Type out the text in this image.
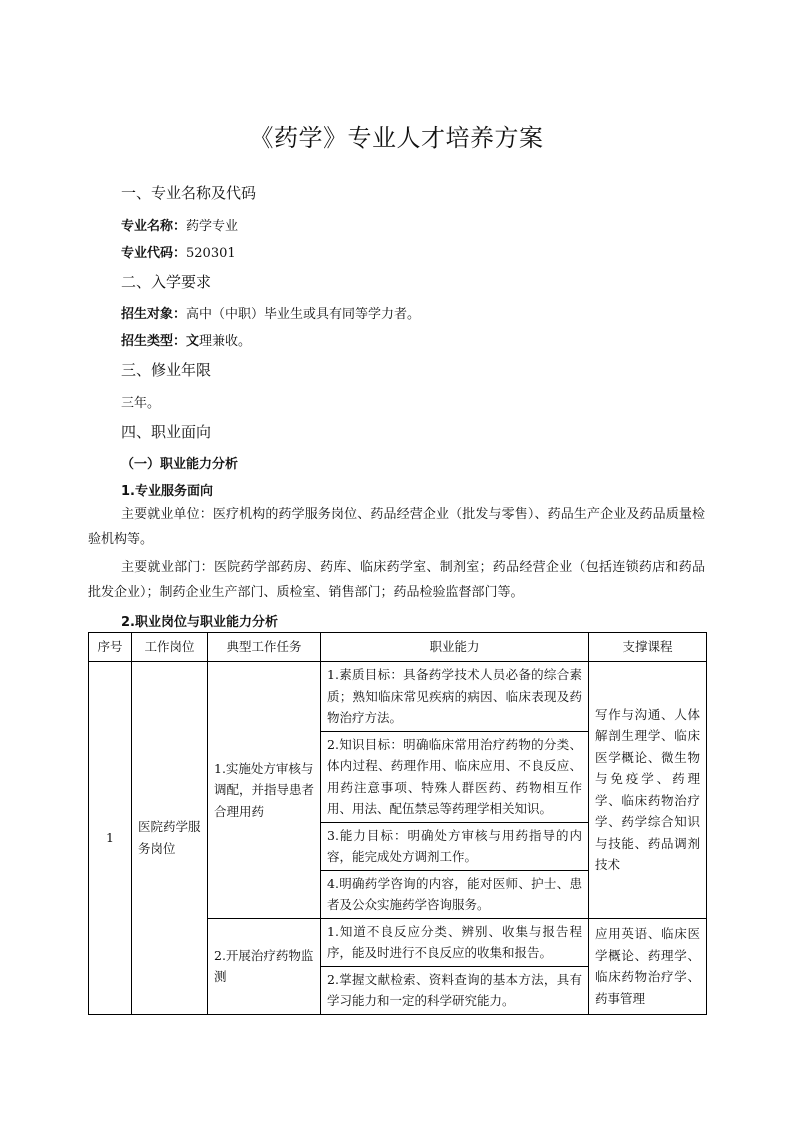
《药学》专业人才培养方案
一、专业名称及代码
专业名称：药学专业
专业代码：520301
二、入学要求
招生对象：高中（中职）毕业生或具有同等学力者。
招生类型：文理兼收。
三、修业年限
三年。
四、职业面向
（一）职业能力分析
1.专业服务面向
主要就业单位：医疗机构的药学服务岗位、药品经营企业（批发与零售）、药品生产企业及药品质量检验机构等。
主要就业部门：医院药学部药房、药库、临床药学室、制剂室；药品经营企业（包括连锁药店和药品批发企业）；制药企业生产部门、质检室、销售部门；药品检验监督部门等。
2.职业岗位与职业能力分析
序号	工作岗位	典型工作任务	职业能力	支撑课程
1	医院药学服务岗位	1.实施处方审核与调配，并指导患者合理用药	1.素质目标：具备药学技术人员必备的综合素质；熟知临床常见疾病的病因、临床表现及药物治疗方法。	写作与沟通、人体解剖生理学、临床医学概论、微生物与免疫学、药理学、临床药物治疗学、药学综合知识与技能、药品调剂技术
			2.知识目标：明确临床常用治疗药物的分类、体内过程、药理作用、临床应用、不良反应、用药注意事项、特殊人群医药、药物相互作用、用法、配伍禁忌等药理学相关知识。	
			3.能力目标：明确处方审核与用药指导的内容，能完成处方调剂工作。	
			4.明确药学咨询的内容，能对医师、护士、患者及公众实施药学咨询服务。	
		2.开展治疗药物监测	1.知道不良反应分类、辨别、收集与报告程序，能及时进行不良反应的收集和报告。	应用英语、临床医学概论、药理学、临床药物治疗学、药事管理
			2.掌握文献检索、资料查询的基本方法，具有学习能力和一定的科学研究能力。	
